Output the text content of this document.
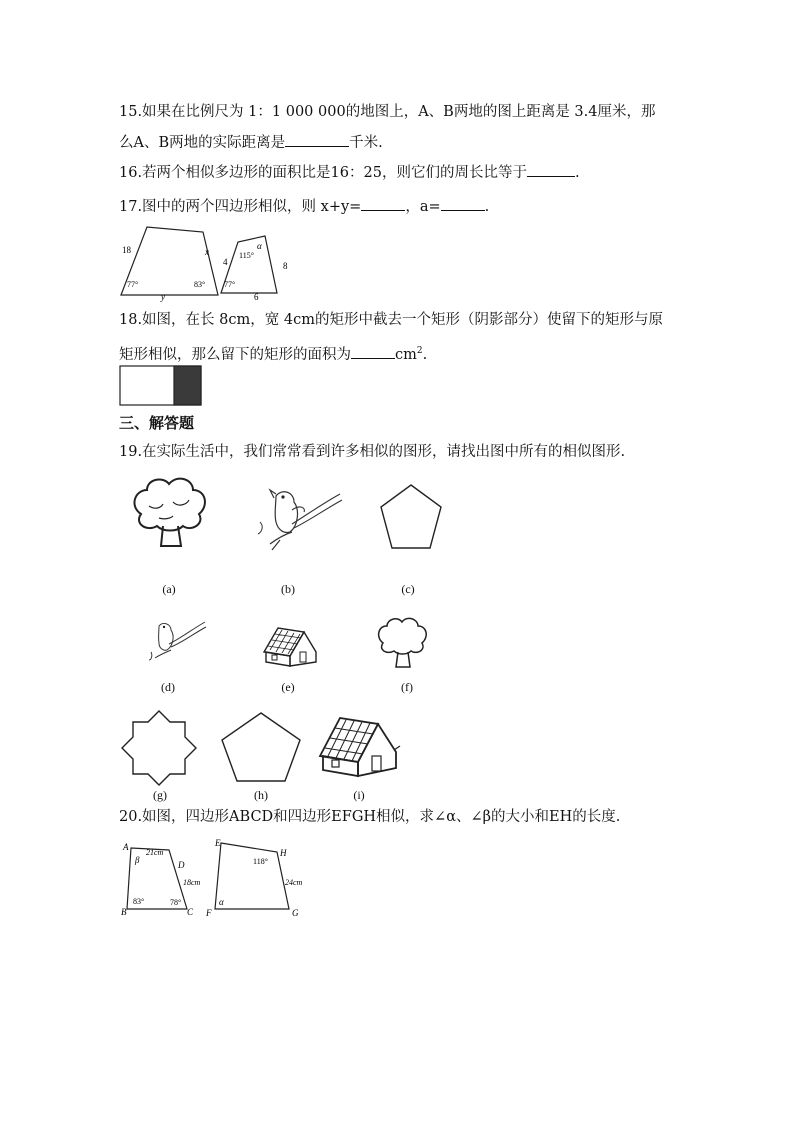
15.如果在比例尺为 1：1 000 000的地图上，A、B两地的图上距离是 3.4厘米，那
么A、B两地的实际距离是	千米.
16.若两个相似多边形的面积比是16：25，则它们的周长比等于	.
17.图中的两个四边形相似，则 x+y=	，a=	.
18	x
y
77°	83°
4	8
6
115°
77°
α
18.如图，在长 8cm，宽 4cm的矩形中截去一个矩形（阴影部分）使留下的矩形与原
矩形相似，那么留下的矩形的面积为	$cm^2$.
三、解答题
19.在实际生活中，我们常常看到许多相似的图形，请找出图中所有的相似图形.
(a)	(b)	(c)
(d)	(e)	(f)
(g)	(h)	(i)
20.如图，四边形ABCD和四边形EFGH相似，求∠α、∠β的大小和EH的长度.
A
B	C
D
21cm
18cm
83°	78°
β
E
F	G
H
24cm
118°
α
